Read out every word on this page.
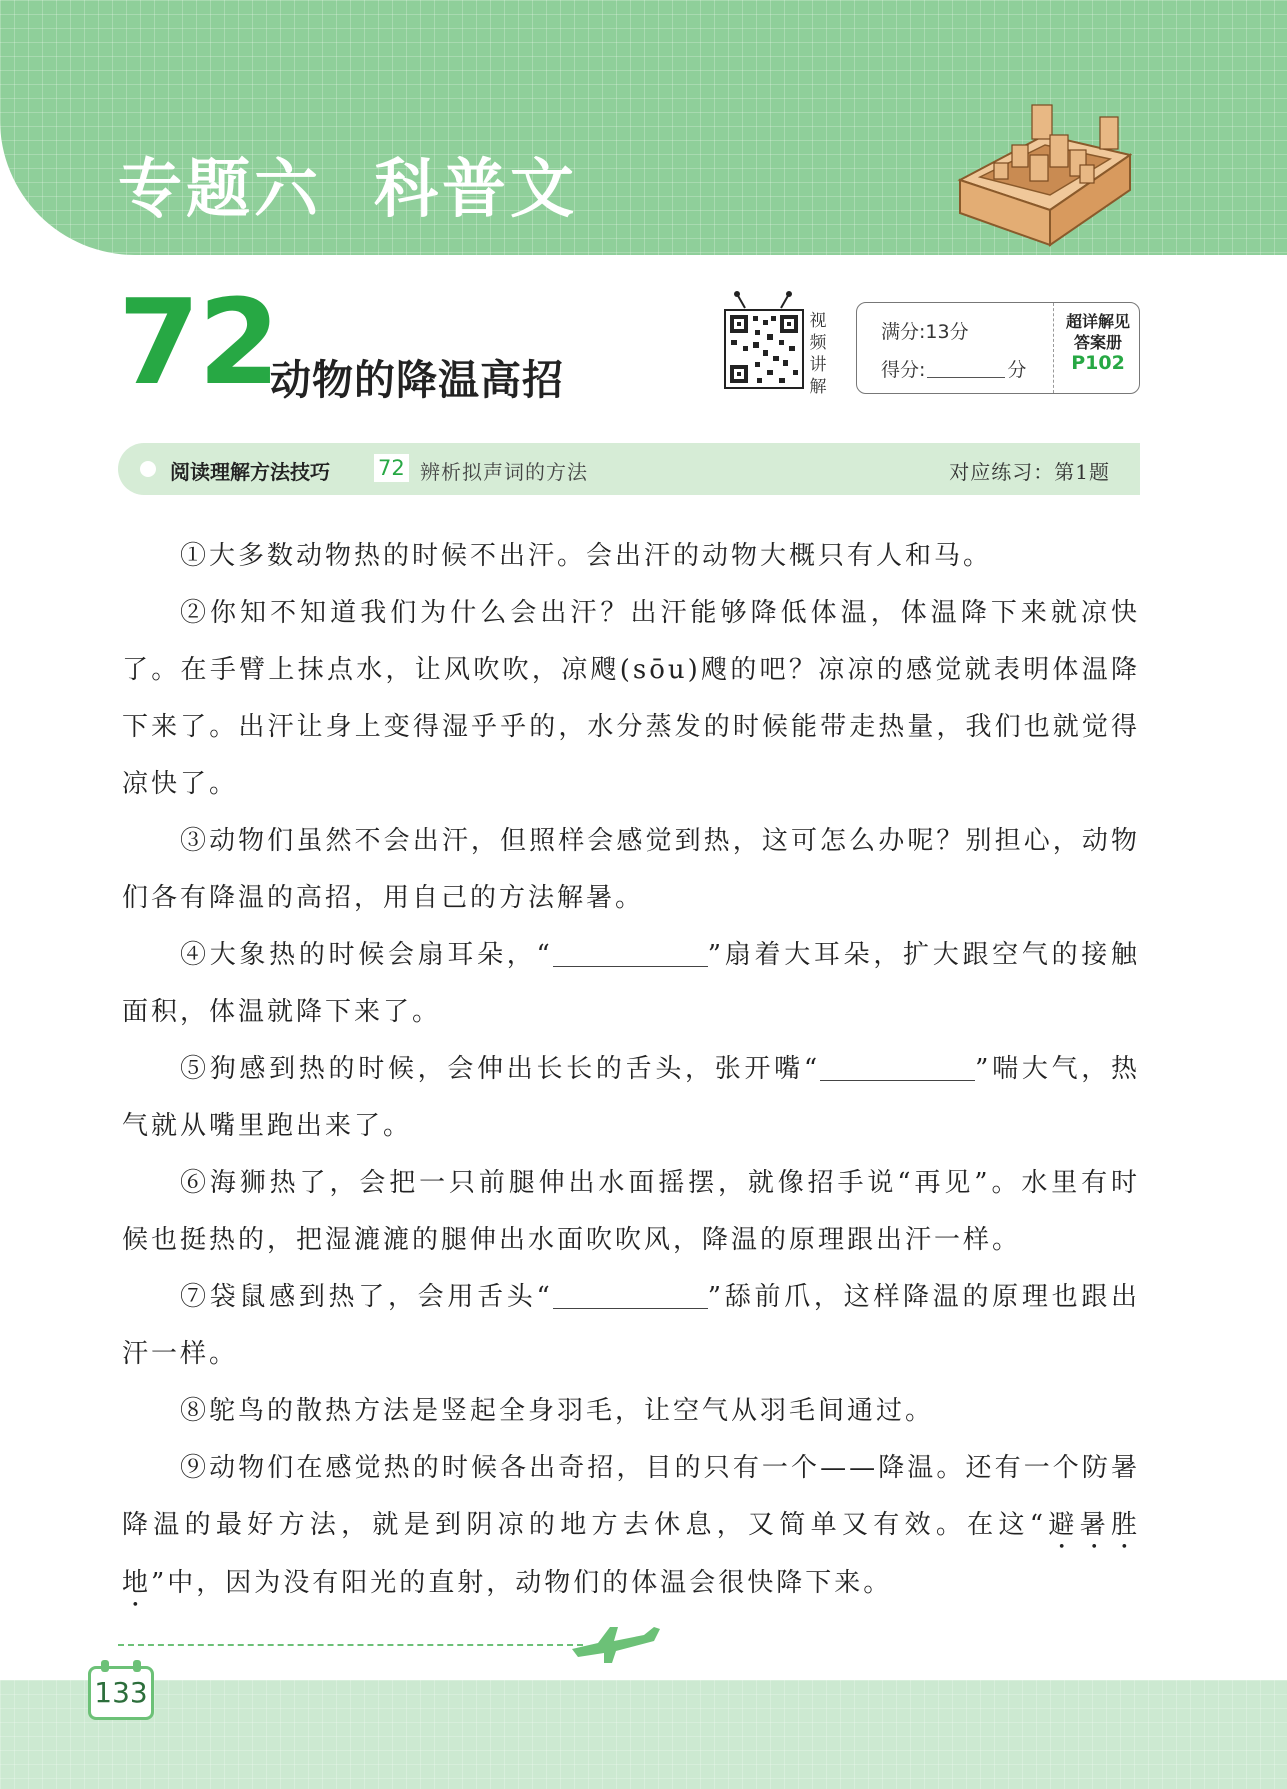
专题六 科普文
72
动物的降温高招
视
频
讲
解
满分:13分
得分:	分
超详解见
答案册
P102
阅读理解方法技巧 72 辨析拟声词的方法	对应练习：第1题

①大多数动物热的时候不出汗。会出汗的动物大概只有人和马。

②你知不知道我们为什么会出汗？出汗能够降低体温，体温降下来就凉快了。在手臂上抹点水，让风吹吹，凉飕(sōu)飕的吧？凉凉的感觉就表明体温降下来了。出汗让身上变得湿乎乎的，水分蒸发的时候能带走热量，我们也就觉得凉快了。

③动物们虽然不会出汗，但照样会感觉到热，这可怎么办呢？别担心，动物们各有降温的高招，用自己的方法解暑。

④大象热的时候会扇耳朵，“	”扇着大耳朵，扩大跟空气的接触面积，体温就降下来了。

⑤狗感到热的时候，会伸出长长的舌头，张开嘴“	”喘大气，热气就从嘴里跑出来了。

⑥海狮热了，会把一只前腿伸出水面摇摆，就像招手说“再见”。水里有时候也挺热的，把湿漉漉的腿伸出水面吹吹风，降温的原理跟出汗一样。

⑦袋鼠感到热了，会用舌头“	”舔前爪，这样降温的原理也跟出汗一样。

⑧鸵鸟的散热方法是竖起全身羽毛，让空气从羽毛间通过。

⑨动物们在感觉热的时候各出奇招，目的只有一个——降温。还有一个防暑降温的最好方法，就是到阴凉的地方去休息，又简单又有效。在这“避暑胜地”中，因为没有阳光的直射，动物们的体温会很快降下来。

133
